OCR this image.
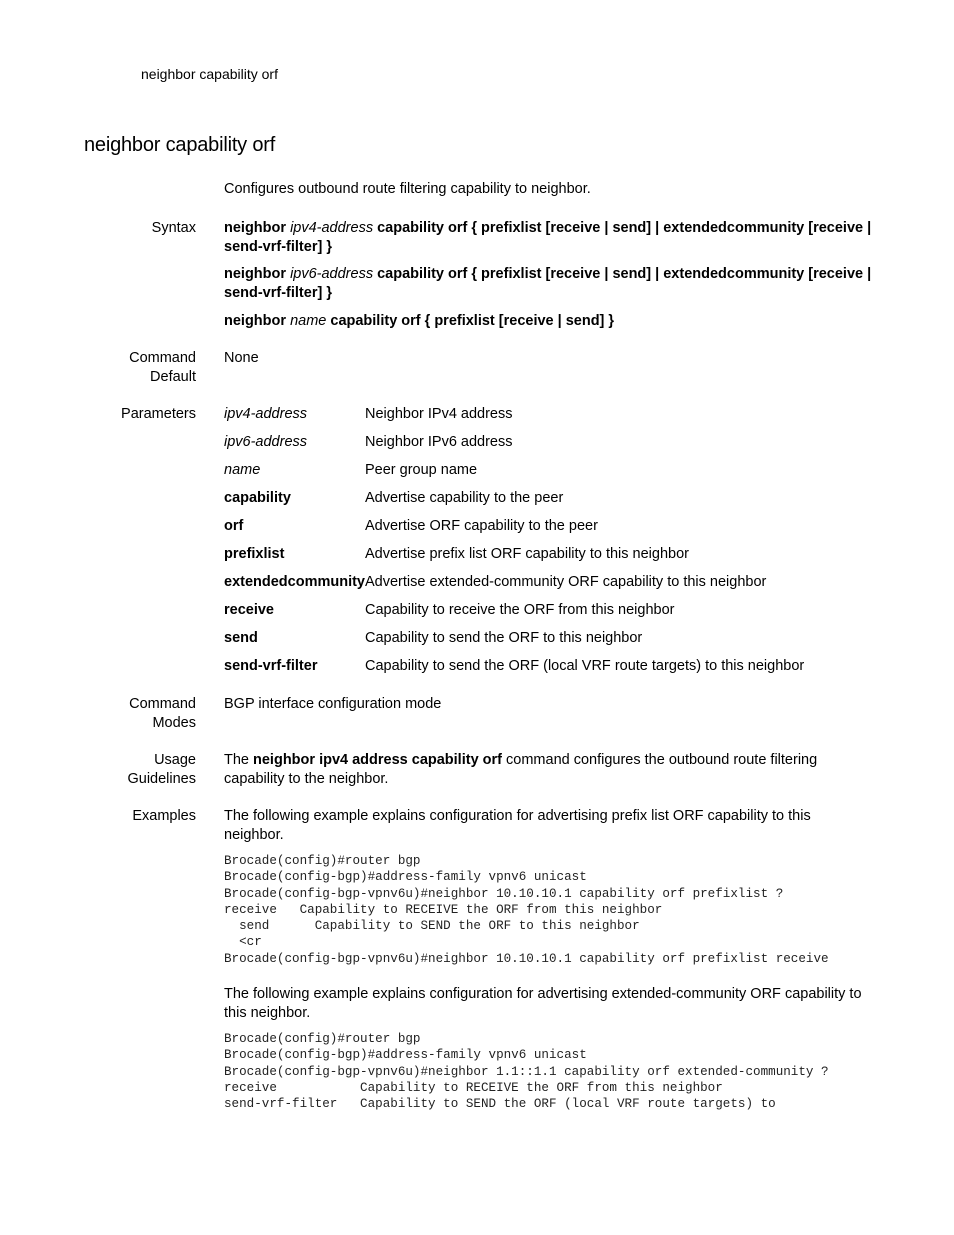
neighbor capability orf
neighbor capability orf
Configures outbound route filtering capability to neighbor.
Syntax neighbor ipv4-address capability orf { prefixlist [receive | send] | extendedcommunity [receive |
send-vrf-filter] }
neighbor ipv6-address capability orf { prefixlist [receive | send] | extendedcommunity [receive |
send-vrf-filter] }
neighbor name capability orf { prefixlist [receive | send] }
Command
Default
None
Parameters ipv4-address	Neighbor IPv4 address
ipv6-address	Neighbor IPv6 address
name	Peer group name
capability	Advertise capability to the peer
orf	Advertise ORF capability to the peer
prefixlist	Advertise prefix list ORF capability to this neighbor
extendedcommunity Advertise extended-community ORF capability to this neighbor
receive	Capability to receive the ORF from this neighbor
send	Capability to send the ORF to this neighbor
send-vrf-filter	Capability to send the ORF (local VRF route targets) to this neighbor
Command
Modes
BGP interface configuration mode
Usage
Guidelines
The neighbor ipv4 address capability orf command configures the outbound route filtering
capability to the neighbor.
Examples The following example explains configuration for advertising prefix list ORF capability to this
neighbor.
Brocade(config)#router bgp
Brocade(config-bgp)#address-family vpnv6 unicast
Brocade(config-bgp-vpnv6u)#neighbor 10.10.10.1 capability orf prefixlist ?
receive   Capability to RECEIVE the ORF from this neighbor
send      Capability to SEND the ORF to this neighbor
<cr
Brocade(config-bgp-vpnv6u)#neighbor 10.10.10.1 capability orf prefixlist receive
The following example explains configuration for advertising extended-community ORF capability to
this neighbor.
Brocade(config)#router bgp
Brocade(config-bgp)#address-family vpnv6 unicast
Brocade(config-bgp-vpnv6u)#neighbor 1.1::1.1 capability orf extended-community ?
receive           Capability to RECEIVE the ORF from this neighbor
send-vrf-filter   Capability to SEND the ORF (local VRF route targets) to
